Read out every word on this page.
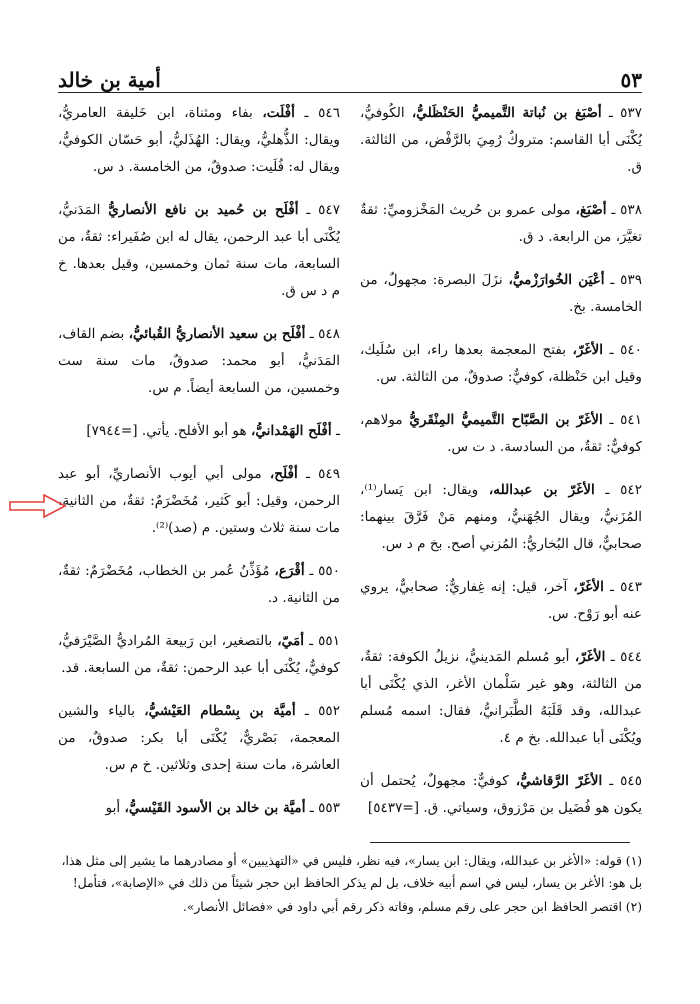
٥٣
أمية بن خالد

٥٣٧ ـ أصْبَغ بن نُباتة التَّميميُّ الحَنْظَليُّ، الكُوفيُّ، يُكْنَى أبا القاسم: متروكٌ رُمِيَ بالرَّفْض، من الثالثة. ق.

٥٣٨ ـ أصْبَغ، مولى عمرو بن حُريث المَخْزوميِّ: ثقةٌ تغيَّرَ، من الرابعة. د ق.

٥٣٩ ـ أعْيَن الخُوارَزْميُّ، نزَلَ البصرة: مجهولٌ، من الخامسة. بخ.

٥٤٠ ـ الأغَرّ، بفتح المعجمة بعدها راء، ابن سُلَيك، وقيل ابن حَنْظلة، كوفيٌّ: صدوقٌ، من الثالثة. س.

٥٤١ ـ الأغَرّ بن الصَّبّاح التَّميميُّ المِنْقَريُّ مولاهم، كوفيٌّ: ثقةٌ، من السادسة. د ت س.

٥٤٢ ـ الأغَرّ بن عبدالله، ويقال: ابن يَسار⁽¹⁾، المُزَنيُّ، ويقال الجُهَنيُّ، ومنهم مَنْ فَرَّقَ بينهما: صحابيٌّ، قال البُخاريُّ: المُزني أصح. بخ م د س.

٥٤٣ ـ الأغَرّ، آخر، قيل: إنه غِفاريٌّ: صحابيٌّ، يروي عنه أبو رَوْح. س.

٥٤٤ ـ الأغَرّ، أبو مُسلم المَدينيُّ، نزيلُ الكوفة: ثقةٌ، من الثالثة، وهو غير سَلْمان الأغر، الذي يُكْنَى أبا عبدالله، وقد قَلَبَهُ الطَّبَرانيُّ، فقال: اسمه مُسلم ويُكْنَى أبا عبدالله. بخ م ٤.

٥٤٥ ـ الأغَرّ الرَّقاشيُّ، كوفيٌّ: مجهولٌ، يُحتمل أن يكون هو فُضَيل بن مَرْزوق، وسياتي. ق. [=٥٤٣٧]

٥٤٦ ـ أفْلَت، بفاء ومثناة، ابن خَليفة العامريُّ، ويقال: الذُّهليُّ، ويقال: الهُذَليُّ، أبو حَسّان الكوفيُّ، ويقال له: فُلَيت: صدوقٌ، من الخامسة. د س.

٥٤٧ ـ أفْلَح بن حُميد بن نافع الأنصاريُّ المَدَنيُّ، يُكْنَى أبا عبد الرحمن، يقال له ابن صُفَيراء: ثقةٌ، من السابعة، مات سنة ثمان وخمسين، وقيل بعدها. خ م د س ق.

٥٤٨ ـ أفْلَح بن سعيد الأنصاريُّ القُبائيُّ، بضم القاف، المَدَنيُّ، أبو محمد: صدوقٌ، مات سنة ست وخمسين، من السابعة أيضاً. م س.

ـ أفْلَح الهَمْدانيُّ، هو أبو الأفلح. يأتي. [=٧٩٤٤]

٥٤٩ ـ أفْلَح، مولى أبي أيوب الأنصاريِّ، أبو عبد الرحمن، وقيل: أبو كَثير، مُخَضْرَمٌ: ثقةٌ، من الثانية، مات سنة ثلاث وستين. م (صد)⁽²⁾.

٥٥٠ ـ أقْرَع، مُؤَذِّنُ عُمر بن الخطاب، مُخَضْرَمٌ: ثقةٌ، من الثانية. د.

٥٥١ ـ أمَيّ، بالتصغير، ابن رَبيعة المُراديُّ الصَّيْرَفيُّ، كوفيٌّ، يُكْنَى أبا عبد الرحمن: ثقةٌ، من السابعة. قد.

٥٥٢ ـ أميَّة بن بِسْطام العَيْشيُّ، بالياء والشين المعجمة، بَصْريٌّ، يُكْنَى أبا بكر: صدوقٌ، من العاشرة، مات سنة إحدى وثلاثين. خ م س.

٥٥٣ ـ أميَّة بن خالد بن الأسود القَيْسيُّ، أبو

(١) قوله: «الأغر بن عبدالله، ويقال: ابن يسار»، فيه نظر، فليس في «التهذيبين» أو مصادرهما ما يشير إلى مثل هذا، بل هو: الأغر بن يسار، ليس في اسم أبيه خلاف، بل لم يذكر الحافظ ابن حجر شيئاً من ذلك في «الإصابة»، فتأمل!

(٢) اقتصر الحافظ ابن حجر على رقم مسلم، وفاته ذكر رقم أبي داود في «فضائل الأنصار».
